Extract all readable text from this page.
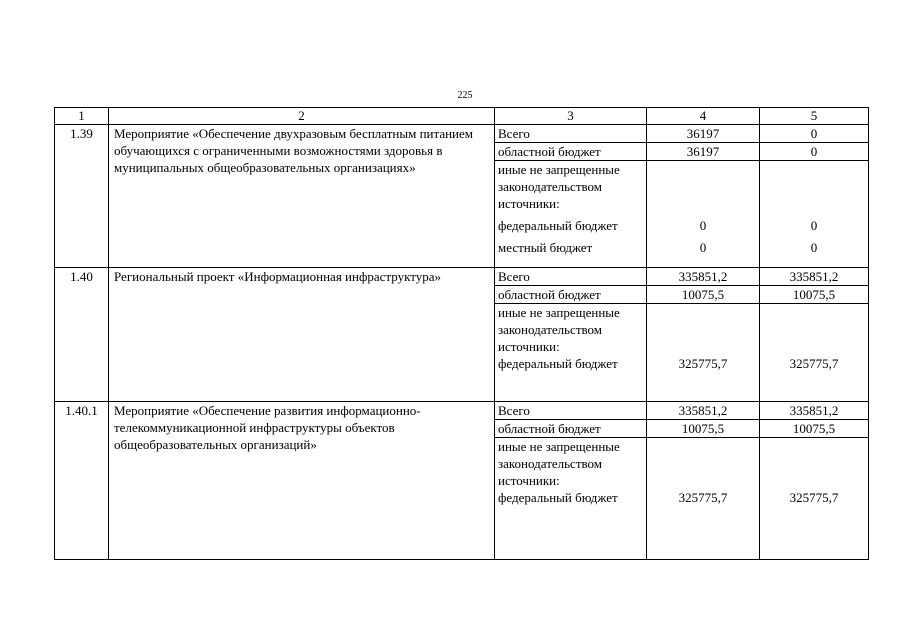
225
1	2	3	4	5
1.39	Мероприятие «Обеспечение двухразовым бесплатным питанием обучающихся с ограниченными возможностями здоровья в муниципальных общеобразовательных организациях»	Всего	36197	0
		областной бюджет	36197	0
		иные не запрещенные законодательством источники:		
		федеральный бюджет	0	0
		местный бюджет	0	0
1.40	Региональный проект «Информационная инфраструктура»	Всего	335851,2	335851,2
		областной бюджет	10075,5	10075,5
		иные не запрещенные законодательством источники:		
		федеральный бюджет	325775,7	325775,7
1.40.1	Мероприятие «Обеспечение развития информационно-телекоммуникационной инфраструктуры объектов общеобразовательных организаций»	Всего	335851,2	335851,2
		областной бюджет	10075,5	10075,5
		иные не запрещенные законодательством источники:		
		федеральный бюджет	325775,7	325775,7
